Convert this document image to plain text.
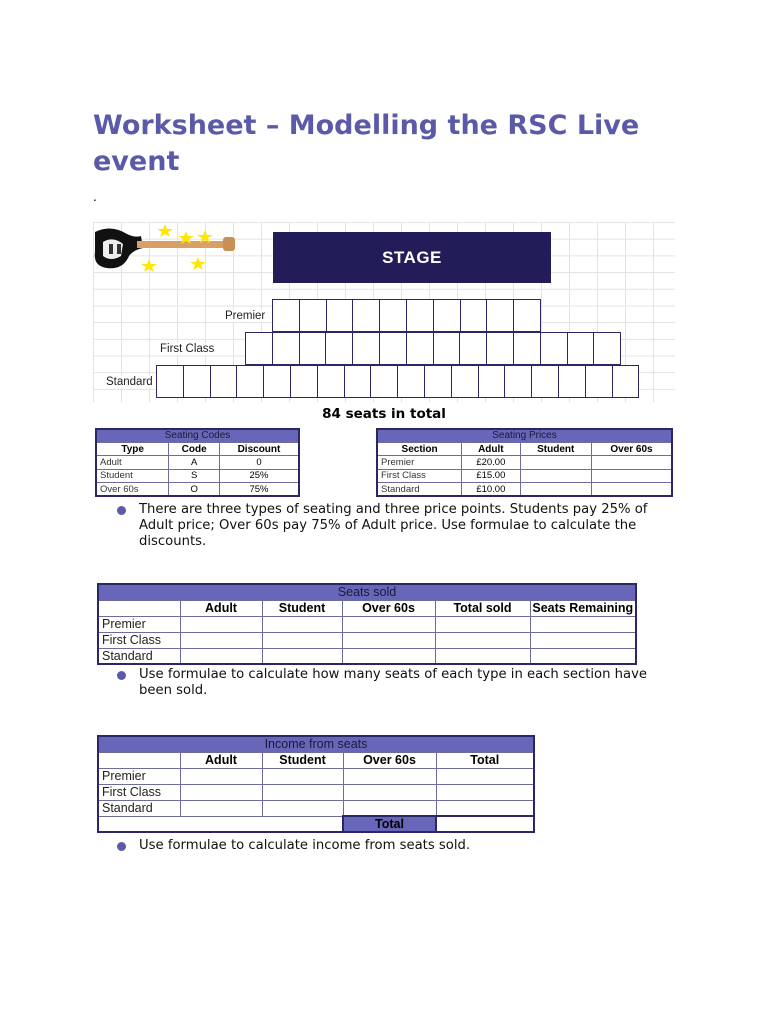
Worksheet – Modelling the RSC Live event
.
STAGE
Premier
First Class
Standard
84 seats in total
Seating Codes		
Type	Code	Discount
Adult	A	0
Student	S	25%
Over 60s	O	75%
Seating Prices			
Section	Adult	Student	Over 60s
Premier	£20.00		
First Class	£15.00		
Standard	£10.00		
There are three types of seating and three price points. Students pay 25% of Adult price; Over 60s pay 75% of Adult price. Use formulae to calculate the discounts.
Seats sold					
	Adult	Student	Over 60s	Total sold	Seats Remaining
Premier					
First Class					
Standard					
Use formulae to calculate how many seats of each type in each section have been sold.
Income from seats				
	Adult	Student	Over 60s	Total
Premier				
First Class				
Standard				
			Total	
Use formulae to calculate income from seats sold.
